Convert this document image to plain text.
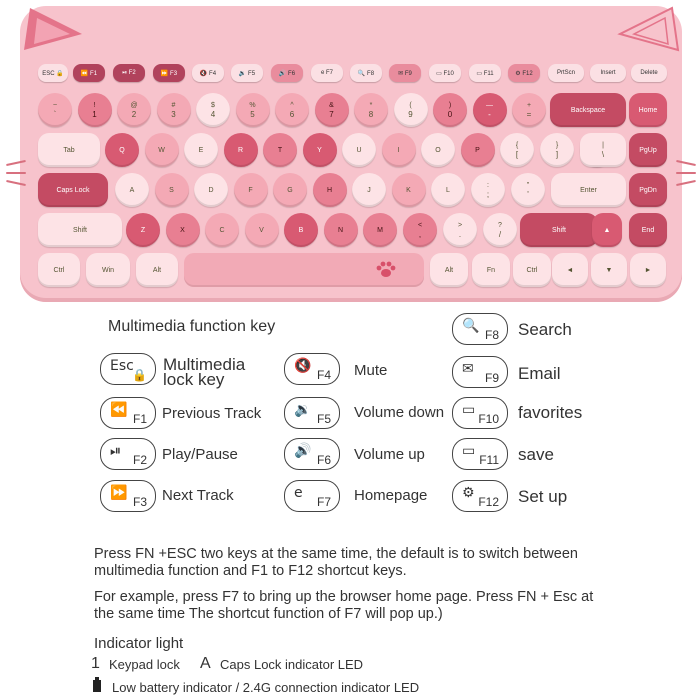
ESC 🔒	⏪ F1	⏯ F2	⏩ F3	🔇 F4	🔉 F5	🔊 F6	e F7	🔍 F8	✉ F9	▭ F10	▭ F11	⚙ F12	PrtScn	Insert	Delete
~
`
!
1
@
2
#
3
$
4
%
5
^
6
&
7
*
8
(
9
)
0
—
-
+
=	Backspace	Home
Tab	Q	W	E	R	T	Y	U	I	O	P
{
[
}
]
|
\	PgUp
Caps Lock	A	S	D	F	G	H	J	K	L
:
;
"
'	Enter	PgDn
Shift	Z	X	C	V	B	N	M
<
,
>
.
?
/	Shift	▲	End
Ctrl	Win	Alt	Alt	Fn	Ctrl	◄	▼	►
Multimedia function key
Esc
🔒
Multimedia
lock key
⏪
F1 Previous Track
⏯
F2 Play/Pause
⏩
F3 Next Track
🔇
F4 Mute
🔉
F5 Volume down
🔊
F6 Volume up
e
F7 Homepage
🔍
F8 Search
✉
F9 Email
▭
F10 favorites
▭
F11 save
⚙
F12 Set up
Press FN +ESC two keys at the same time, the default is to switch between multimedia function and F1 to F12 shortcut keys.
For example, press F7 to bring up the browser home page. Press FN + Esc at the same time The shortcut function of F7 will pop up.)
Indicator light
1 Keypad lock A Caps Lock indicator LED
Low battery indicator / 2.4G connection indicator LED
